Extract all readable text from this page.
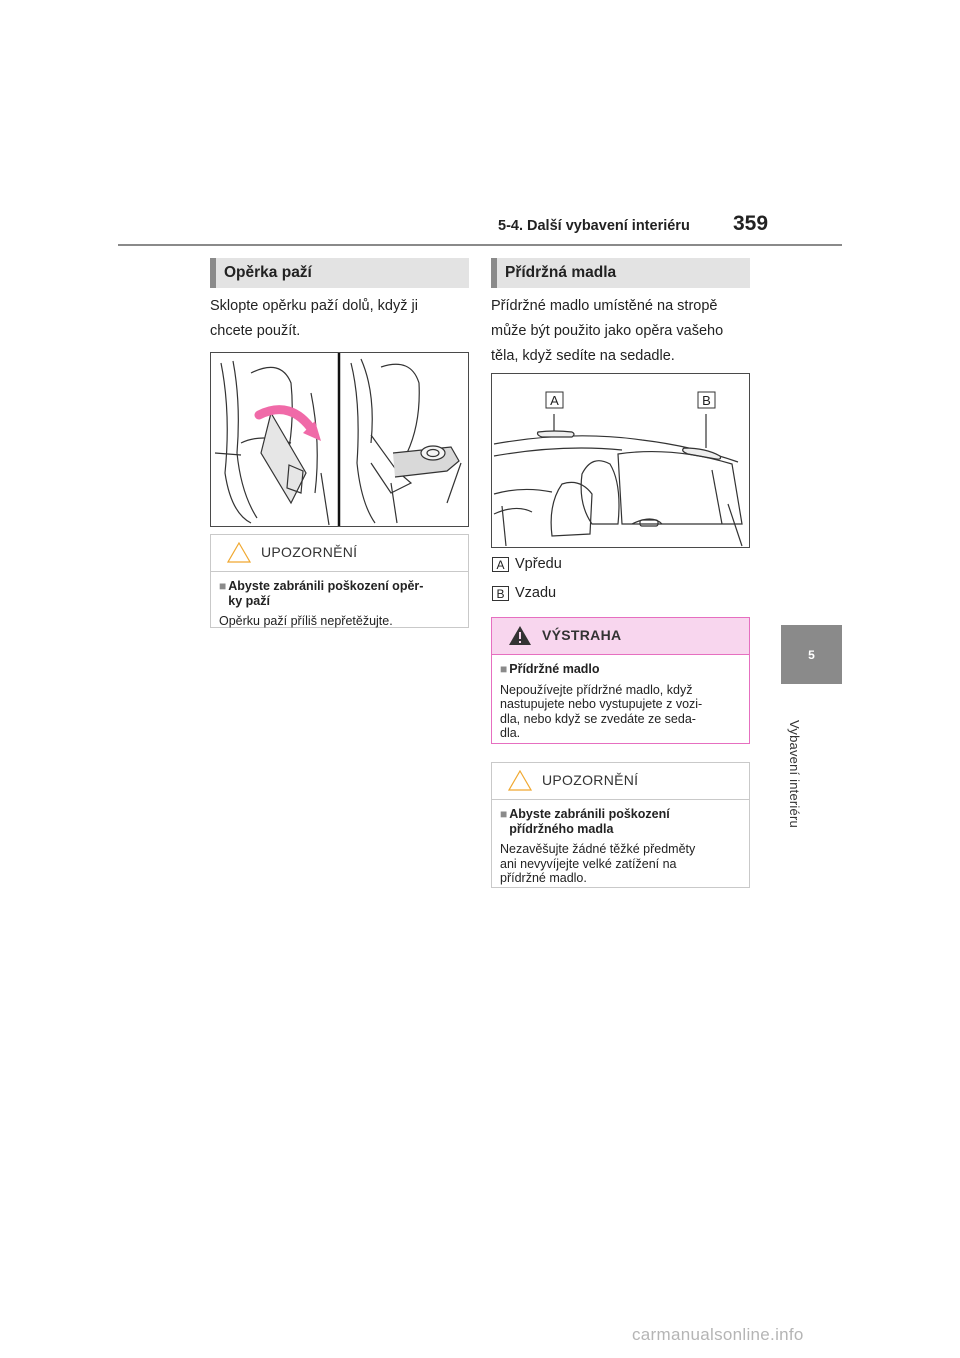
5-4. Další vybavení interiéru 359
5
Vybavení interiéru
Opěrka paží
Sklopte opěrku paží dolů, když ji
chcete použít.
UPOZORNĚNÍ
■ Abyste zabránili poškození opěr-
ky paží
Opěrku paží příliš nepřetěžujte.
Přídržná madla
Přídržné madlo umístěné na stropě
může být použito jako opěra vašeho
těla, když sedíte na sedadle.
A	B
A Vpředu
B Vzadu
VÝSTRAHA
■ Přídržné madlo
Nepoužívejte přídržné madlo, když
nastupujete nebo vystupujete z vozi-
dla, nebo když se zvedáte ze seda-
dla.
UPOZORNĚNÍ
■ Abyste zabránili poškození
přídržného madla
Nezavěšujte žádné těžké předměty
ani nevyvíjejte velké zatížení na
přídržné madlo.
carmanualsonline.info
